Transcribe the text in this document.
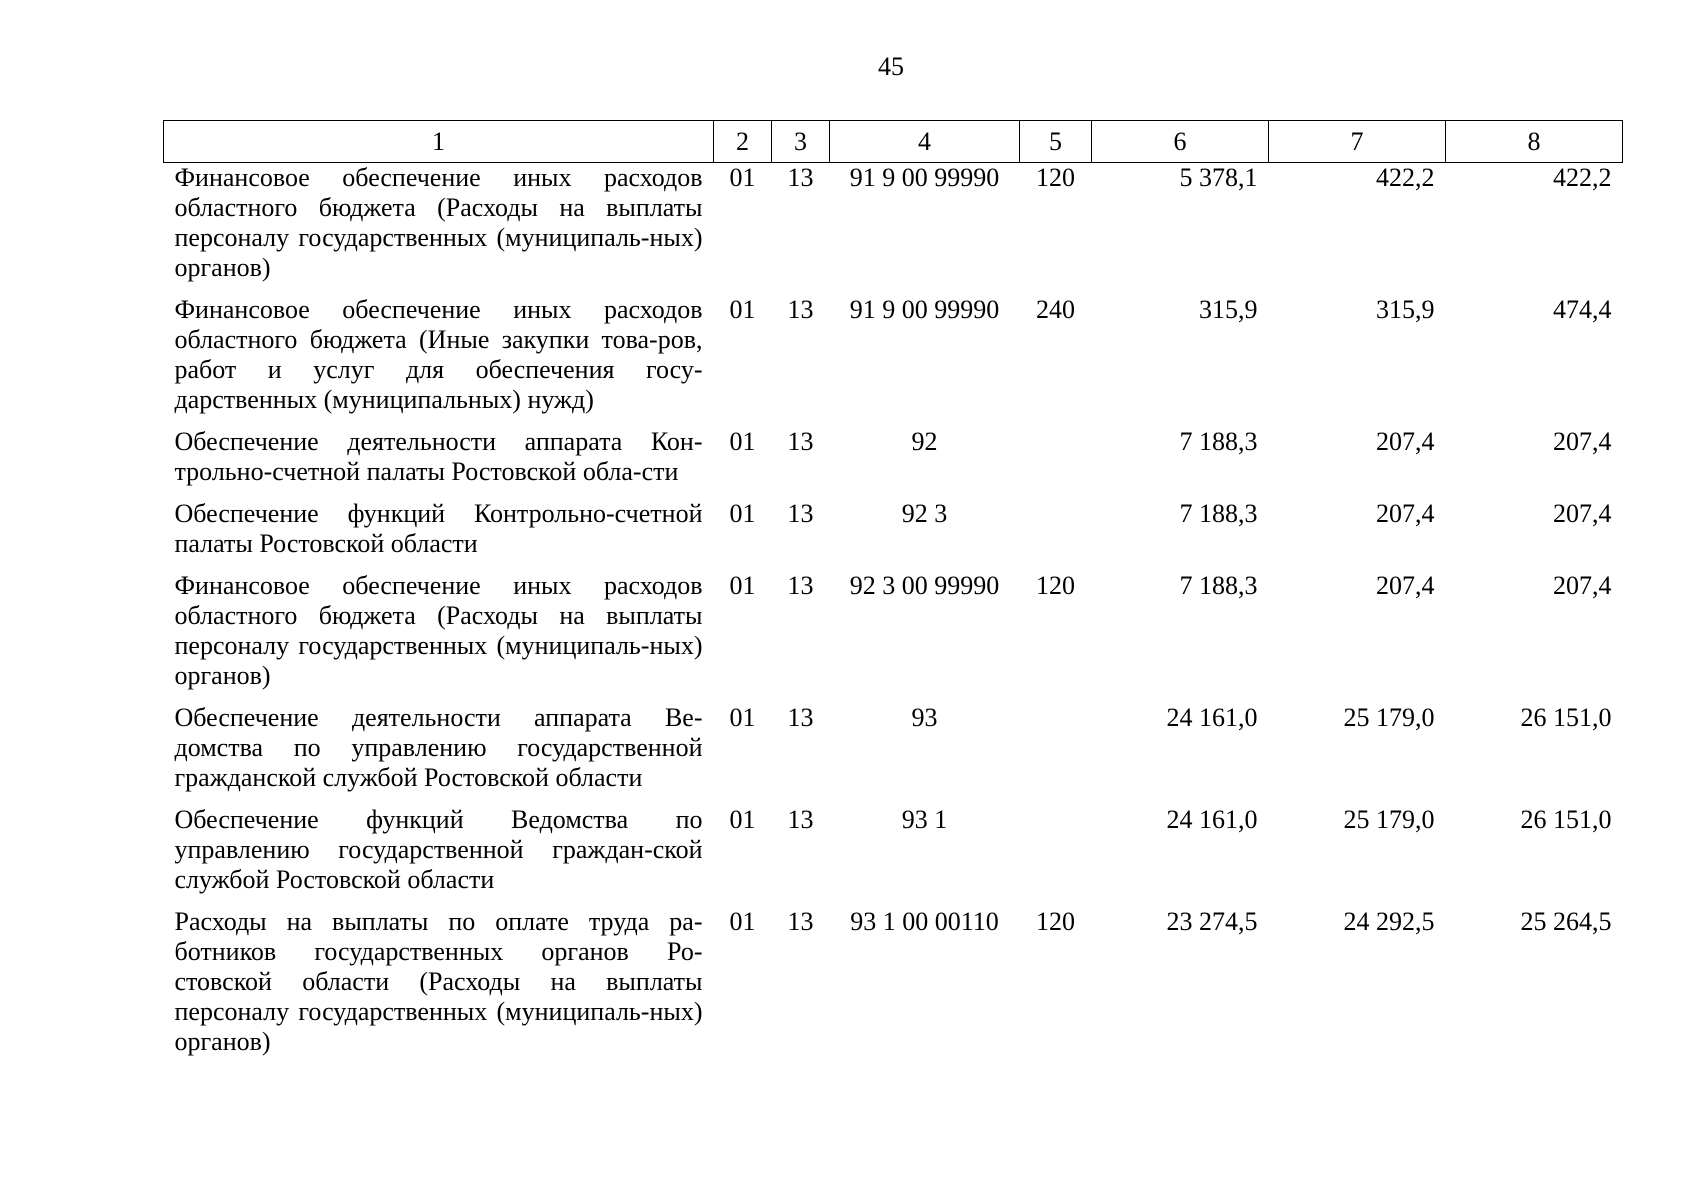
45
1	2	3	4	5	6	7	8
Финансовое обеспечение иных расходов областного бюджета (Расходы на выплаты персоналу государственных (муниципаль-ных) органов)	01	13	91 9 00 99990	120	5 378,1	422,2	422,2
Финансовое обеспечение иных расходов областного бюджета (Иные закупки това-ров, работ и услуг для обеспечения госу-дарственных (муниципальных) нужд)	01	13	91 9 00 99990	240	315,9	315,9	474,4
Обеспечение деятельности аппарата Кон-трольно-счетной палаты Ростовской обла-сти	01	13	92		7 188,3	207,4	207,4
Обеспечение функций Контрольно-счетной палаты Ростовской области	01	13	92 3		7 188,3	207,4	207,4
Финансовое обеспечение иных расходов областного бюджета (Расходы на выплаты персоналу государственных (муниципаль-ных) органов)	01	13	92 3 00 99990	120	7 188,3	207,4	207,4
Обеспечение деятельности аппарата Ве-домства по управлению государственной гражданской службой Ростовской области	01	13	93		24 161,0	25 179,0	26 151,0
Обеспечение функций Ведомства по управлению государственной граждан-ской службой Ростовской области	01	13	93 1		24 161,0	25 179,0	26 151,0
Расходы на выплаты по оплате труда ра-ботников государственных органов Ро-стовской области (Расходы на выплаты персоналу государственных (муниципаль-ных) органов)	01	13	93 1 00 00110	120	23 274,5	24 292,5	25 264,5
